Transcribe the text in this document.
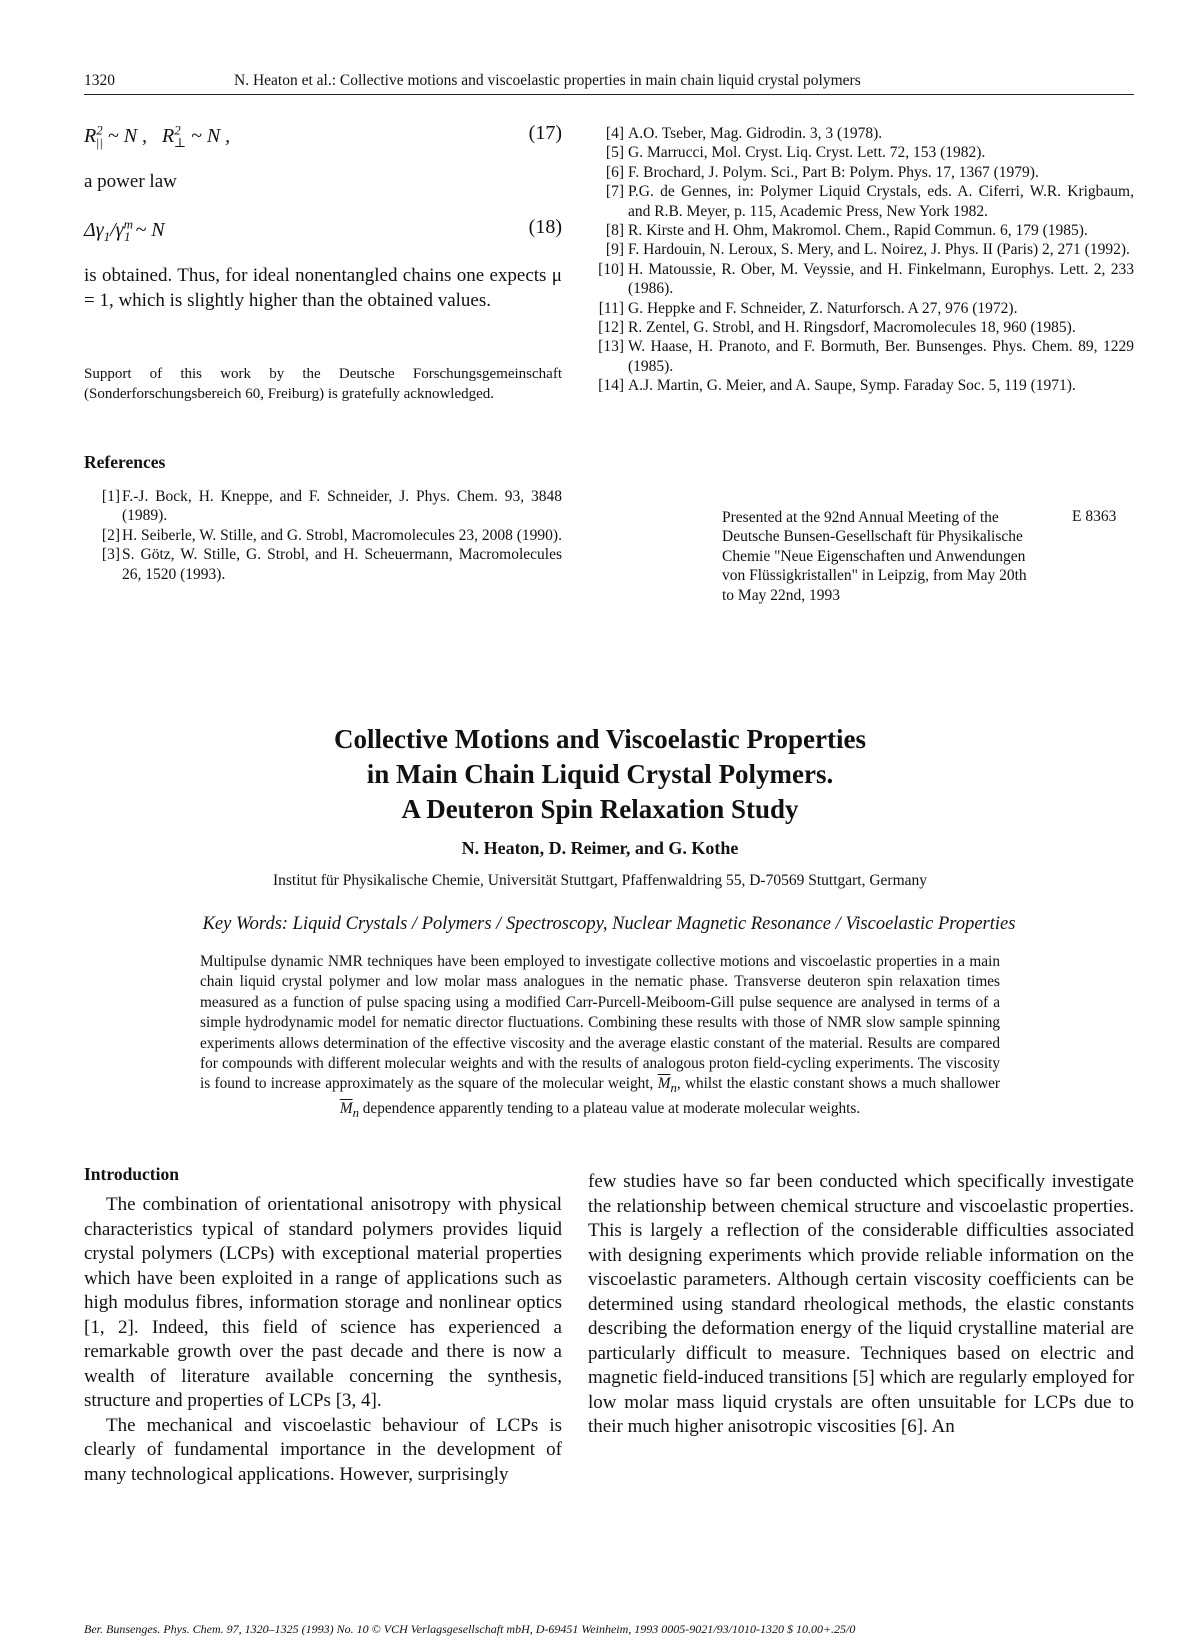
1320	N. Heaton et al.: Collective motions and viscoelastic properties in main chain liquid crystal polymers
$R^2_{||}$ ~ N ,   $R^2_\perp$ ~ N ,	(17)
a power law
$\Delta\gamma_1/\gamma^m_1$ ~ N	(18)
is obtained. Thus, for ideal nonentangled chains one expects μ = 1, which is slightly higher than the obtained values.
Support of this work by the Deutsche Forschungsgemeinschaft (Sonderforschungsbereich 60, Freiburg) is gratefully acknowledged.
References
[1] F.-J. Bock, H. Kneppe, and F. Schneider, J. Phys. Chem. 93, 3848 (1989).
[2] H. Seiberle, W. Stille, and G. Strobl, Macromolecules 23, 2008 (1990).
[3] S. Götz, W. Stille, G. Strobl, and H. Scheuermann, Macromolecules 26, 1520 (1993).
[4] A.O. Tseber, Mag. Gidrodin. 3, 3 (1978).
[5] G. Marrucci, Mol. Cryst. Liq. Cryst. Lett. 72, 153 (1982).
[6] F. Brochard, J. Polym. Sci., Part B: Polym. Phys. 17, 1367 (1979).
[7] P.G. de Gennes, in: Polymer Liquid Crystals, eds. A. Ciferri, W.R. Krigbaum, and R.B. Meyer, p. 115, Academic Press, New York 1982.
[8] R. Kirste and H. Ohm, Makromol. Chem., Rapid Commun. 6, 179 (1985).
[9] F. Hardouin, N. Leroux, S. Mery, and L. Noirez, J. Phys. II (Paris) 2, 271 (1992).
[10] H. Matoussie, R. Ober, M. Veyssie, and H. Finkelmann, Europhys. Lett. 2, 233 (1986).
[11] G. Heppke and F. Schneider, Z. Naturforsch. A 27, 976 (1972).
[12] R. Zentel, G. Strobl, and H. Ringsdorf, Macromolecules 18, 960 (1985).
[13] W. Haase, H. Pranoto, and F. Bormuth, Ber. Bunsenges. Phys. Chem. 89, 1229 (1985).
[14] A.J. Martin, G. Meier, and A. Saupe, Symp. Faraday Soc. 5, 119 (1971).
Presented at the 92nd Annual Meeting of the Deutsche Bunsen-Gesellschaft für Physikalische Chemie "Neue Eigenschaften und Anwendungen von Flüssigkristallen" in Leipzig, from May 20th to May 22nd, 1993
E 8363
Collective Motions and Viscoelastic Properties
in Main Chain Liquid Crystal Polymers.
A Deuteron Spin Relaxation Study
N. Heaton, D. Reimer, and G. Kothe
Institut für Physikalische Chemie, Universität Stuttgart, Pfaffenwaldring 55, D-70569 Stuttgart, Germany
Key Words: Liquid Crystals / Polymers / Spectroscopy, Nuclear Magnetic Resonance / Viscoelastic Properties
Multipulse dynamic NMR techniques have been employed to investigate collective motions and viscoelastic properties in a main chain liquid crystal polymer and low molar mass analogues in the nematic phase. Transverse deuteron spin relaxation times measured as a function of pulse spacing using a modified Carr-Purcell-Meiboom-Gill pulse sequence are analysed in terms of a simple hydrodynamic model for nematic director fluctuations. Combining these results with those of NMR slow sample spinning experiments allows determination of the effective viscosity and the average elastic constant of the material. Results are compared for compounds with different molecular weights and with the results of analogous proton field-cycling experiments. The viscosity is found to increase approximately as the square of the molecular weight, $\overline{M}_n$, whilst the elastic constant shows a much shallower $\overline{M}_n$ dependence apparently tending to a plateau value at moderate molecular weights.
Introduction

The combination of orientational anisotropy with physical characteristics typical of standard polymers provides liquid crystal polymers (LCPs) with exceptional material properties which have been exploited in a range of applications such as high modulus fibres, information storage and nonlinear optics [1, 2]. Indeed, this field of science has experienced a remarkable growth over the past decade and there is now a wealth of literature available concerning the synthesis, structure and properties of LCPs [3, 4].

The mechanical and viscoelastic behaviour of LCPs is clearly of fundamental importance in the development of many technological applications. However, surprisingly

few studies have so far been conducted which specifically investigate the relationship between chemical structure and viscoelastic properties. This is largely a reflection of the considerable difficulties associated with designing experiments which provide reliable information on the viscoelastic parameters. Although certain viscosity coefficients can be determined using standard rheological methods, the elastic constants describing the deformation energy of the liquid crystalline material are particularly difficult to measure. Techniques based on electric and magnetic field-induced transitions [5] which are regularly employed for low molar mass liquid crystals are often unsuitable for LCPs due to their much higher anisotropic viscosities [6]. An

Ber. Bunsenges. Phys. Chem. 97, 1320–1325 (1993) No. 10 © VCH Verlagsgesellschaft mbH, D-69451 Weinheim, 1993 0005-9021/93/1010-1320 $ 10.00+.25/0
